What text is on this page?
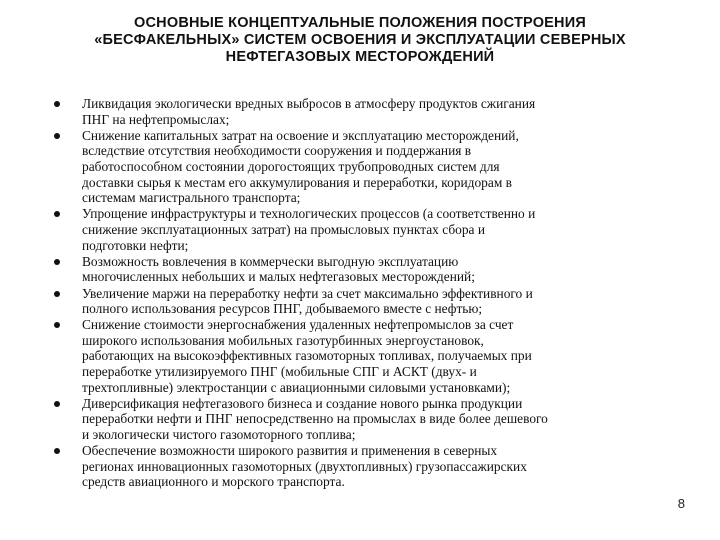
ОСНОВНЫЕ КОНЦЕПТУАЛЬНЫЕ ПОЛОЖЕНИЯ ПОСТРОЕНИЯ
«БЕСФАКЕЛЬНЫХ» СИСТЕМ ОСВОЕНИЯ И ЭКСПЛУАТАЦИИ СЕВЕРНЫХ
НЕФТЕГАЗОВЫХ МЕСТОРОЖДЕНИЙ
Ликвидация экологически вредных выбросов в атмосферу продуктов сжигания
ПНГ на нефтепромыслах;
Снижение капитальных затрат на освоение и эксплуатацию месторождений,
вследствие отсутствия необходимости сооружения и поддержания в
работоспособном состоянии дорогостоящих трубопроводных систем для
доставки сырья к местам его аккумулирования и переработки, коридорам в
системам магистрального транспорта;
Упрощение инфраструктуры и технологических процессов (а соответственно и
снижение эксплуатационных затрат) на промысловых пунктах сбора и
подготовки нефти;
Возможность вовлечения в коммерчески выгодную эксплуатацию
многочисленных небольших и малых нефтегазовых месторождений;
Увеличение маржи на переработку нефти за счет максимально эффективного и
полного использования ресурсов ПНГ, добываемого вместе с нефтью;
Снижение стоимости энергоснабжения удаленных нефтепромыслов за счет
широкого использования мобильных газотурбинных энергоустановок,
работающих на высокоэффективных газомоторных топливах, получаемых при
переработке утилизируемого ПНГ (мобильные СПГ и АСКТ (двух- и
трехтопливные) электростанции с авиационными силовыми установками);
Диверсификация нефтегазового бизнеса и создание нового рынка продукции
переработки нефти и ПНГ непосредственно на промыслах в виде более дешевого
и экологически чистого газомоторного топлива;
Обеспечение возможности широкого развития и применения в северных
регионах инновационных газомоторных (двухтопливных) грузопассажирских
средств авиационного и морского транспорта.
8
